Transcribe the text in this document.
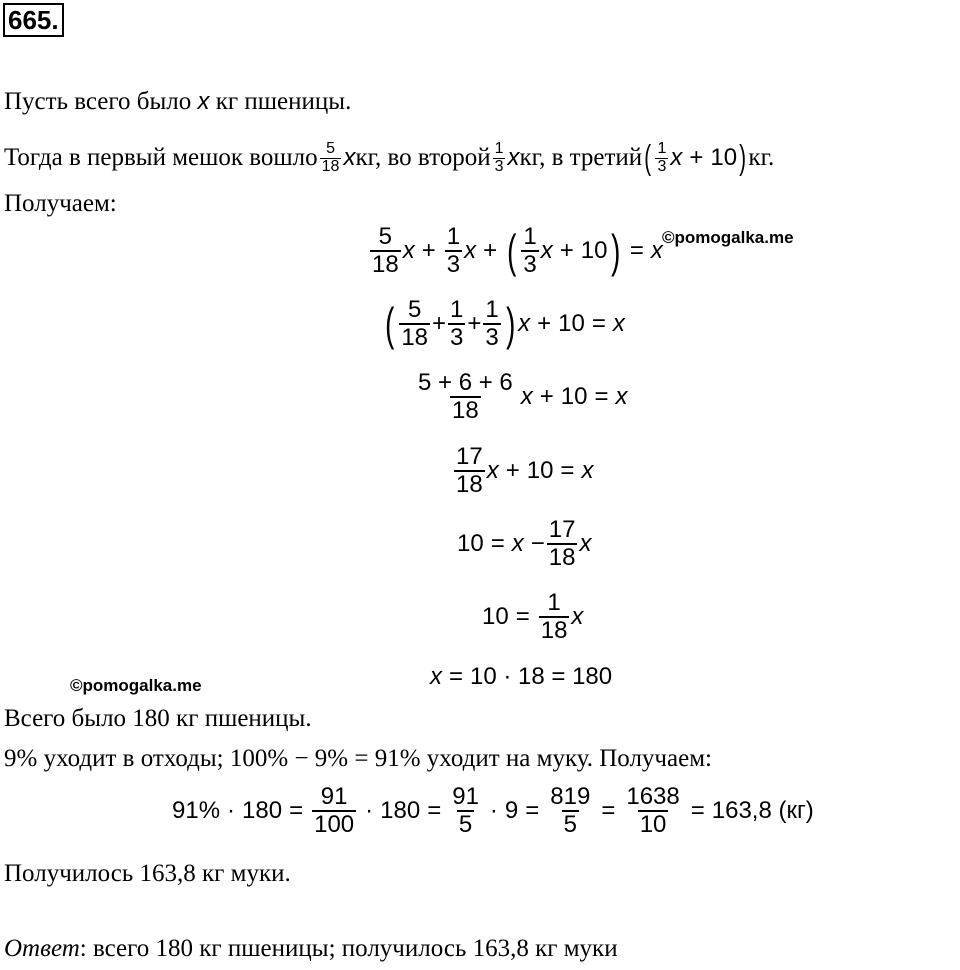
665.
Пусть всего было x кг пшеницы.
Тогда в первый мешок вошло $\frac{5}{18}$ x кг, во второй $\frac{1}{3}$ x кг, в третий ( $\frac{1}{3}$ x + 10 ) кг.
Получаем:
©pomogalka.me
$\frac{5}{18}$ $x + \frac{1}{3}$ x + ( $\frac{1}{3}$ x + 10 ) = x
( $\frac{5}{18} + \frac{1}{3} + \frac{1}{3}$ ) x + 10 = x
$\frac{5 + 6 + 6}{18}$ x + 10 = x
$\frac{17}{18}$ x + 10 = x
$10 = x - \frac{17}{18}$ x
$10 = \frac{1}{18}$ x
©pomogalka.me	x = 10 · 18 = 180
Всего было 180 кг пшеницы.
9% уходит в отходы; 100% − 9% = 91% уходит на муку. Получаем:
$91\% \cdot 180 = \frac{91}{100} \cdot 180 = \frac{91}{5} \cdot 9 = \frac{819}{5} = \frac{1638}{10} = 163,8$ (кг)
Получилось 163,8 кг муки.
Ответ: всего 180 кг пшеницы; получилось 163,8 кг муки
